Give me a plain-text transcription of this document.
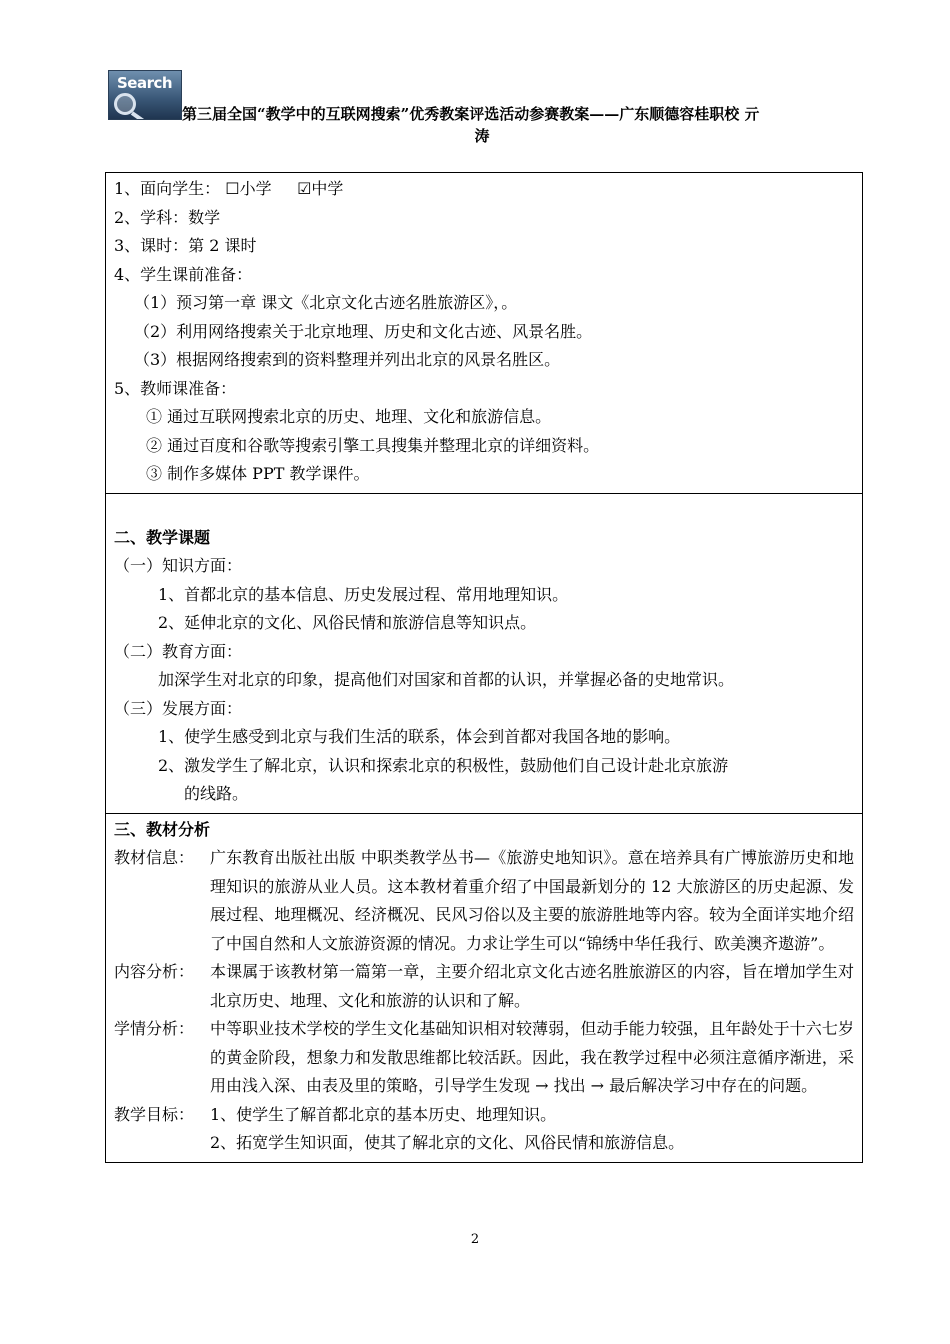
Search
第三届全国“教学中的互联网搜索”优秀教案评选活动参赛教案——广东顺德容桂职校 亓
涛
1、面向学生： ☐小学 ☑中学
2、学科：数学
3、课时：第 2 课时
4、学生课前准备：
（1）预习第一章 课文《北京文化古迹名胜旅游区》，。
（2）利用网络搜索关于北京地理、历史和文化古迹、风景名胜。
（3）根据网络搜索到的资料整理并列出北京的风景名胜区。
5、教师课准备：
① 通过互联网搜索北京的历史、地理、文化和旅游信息。
② 通过百度和谷歌等搜索引擎工具搜集并整理北京的详细资料。
③ 制作多媒体 PPT 教学课件。
二、教学课题
（一）知识方面：
1、首都北京的基本信息、历史发展过程、常用地理知识。
2、延伸北京的文化、风俗民情和旅游信息等知识点。
（二）教育方面：
加深学生对北京的印象，提高他们对国家和首都的认识，并掌握必备的史地常识。
（三）发展方面：
1、使学生感受到北京与我们生活的联系，体会到首都对我国各地的影响。
2、激发学生了解北京，认识和探索北京的积极性，鼓励他们自己设计赴北京旅游
的线路。
三、教材分析
教材信息： 广东教育出版社出版 中职类教学丛书—《旅游史地知识》。意在培养具有广博旅游历史和地理知识的旅游从业人员。这本教材着重介绍了中国最新划分的 12 大旅游区的历史起源、发展过程、地理概况、经济概况、民风习俗以及主要的旅游胜地等内容。较为全面详实地介绍了中国自然和人文旅游资源的情况。力求让学生可以“锦绣中华任我行、欧美澳齐遨游”。
内容分析： 本课属于该教材第一篇第一章，主要介绍北京文化古迹名胜旅游区的内容，旨在增加学生对北京历史、地理、文化和旅游的认识和了解。
学情分析： 中等职业技术学校的学生文化基础知识相对较薄弱，但动手能力较强，且年龄处于十六七岁的黄金阶段，想象力和发散思维都比较活跃。因此，我在教学过程中必须注意循序渐进，采用由浅入深、由表及里的策略，引导学生发现 → 找出 → 最后解决学习中存在的问题。
教学目标： 1、使学生了解首都北京的基本历史、地理知识。
2、拓宽学生知识面，使其了解北京的文化、风俗民情和旅游信息。
2
